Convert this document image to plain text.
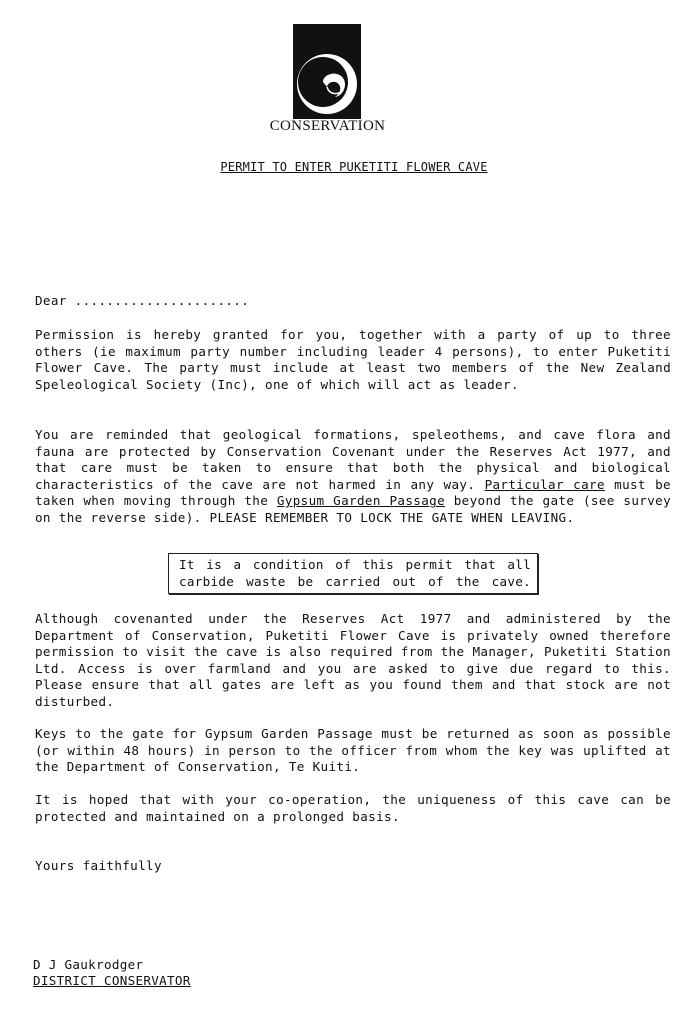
CONSERVATION
PERMIT TO ENTER PUKETITI FLOWER CAVE

Dear ......................

Permission is hereby granted for you, together with a party of up to three others (ie maximum party number including leader 4 persons), to enter Puketiti Flower Cave. The party must include at least two members of the New Zealand Speleological Society (Inc), one of which will act as leader.

You are reminded that geological formations, speleothems, and cave flora and fauna are protected by Conservation Covenant under the Reserves Act 1977, and that care must be taken to ensure that both the physical and biological characteristics of the cave are not harmed in any way. Particular care must be taken when moving through the Gypsum Garden Passage beyond the gate (see survey on the reverse side). PLEASE REMEMBER TO LOCK THE GATE WHEN LEAVING.

It is a condition of this permit that all carbide waste be carried out of the cave.

Although covenanted under the Reserves Act 1977 and administered by the Department of Conservation, Puketiti Flower Cave is privately owned therefore permission to visit the cave is also required from the Manager, Puketiti Station Ltd. Access is over farmland and you are asked to give due regard to this. Please ensure that all gates are left as you found them and that stock are not disturbed.

Keys to the gate for Gypsum Garden Passage must be returned as soon as possible (or within 48 hours) in person to the officer from whom the key was uplifted at the Department of Conservation, Te Kuiti.

It is hoped that with your co-operation, the uniqueness of this cave can be protected and maintained on a prolonged basis.

Yours faithfully

D J Gaukrodger
DISTRICT CONSERVATOR
